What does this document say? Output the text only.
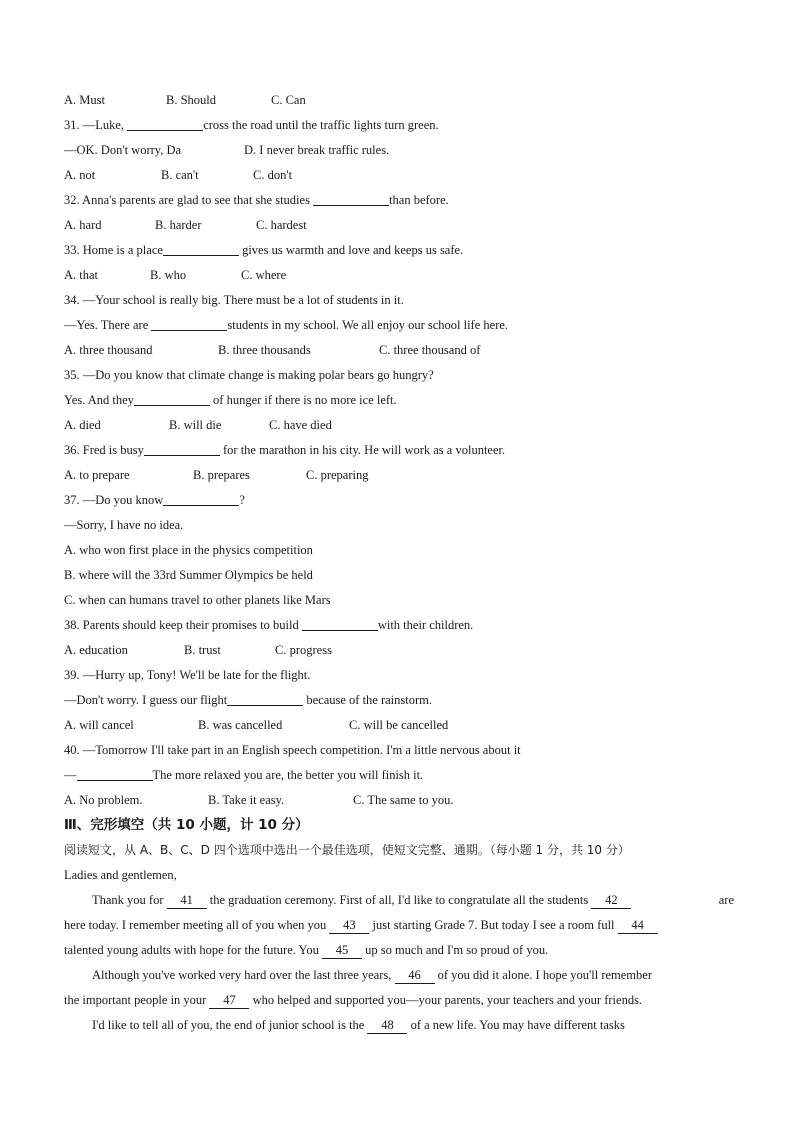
A. Must	B. Should	C. Can
31. —Luke,	cross the road until the traffic lights turn green.
—OK. Don't worry, Da	D. I never break traffic rules.
A. not	B. can't	C. don't
32. Anna's parents are glad to see that she studies	than before.
A. hard	B. harder	C. hardest
33. Home is a place	gives us warmth and love and keeps us safe.
A. that	B. who	C. where
34. —Your school is really big. There must be a lot of students in it.
—Yes. There are	students in my school. We all enjoy our school life here.
A. three thousand	B. three thousands	C. three thousand of
35. —Do you know that climate change is making polar bears go hungry?
Yes. And they	of hunger if there is no more ice left.
A. died	B. will die	C. have died
36. Fred is busy	for the marathon in his city. He will work as a volunteer.
A. to prepare	B. prepares	C. preparing
37. —Do you know	?
—Sorry, I have no idea.
A. who won first place in the physics competition
B. where will the 33rd Summer Olympics be held
C. when can humans travel to other planets like Mars
38. Parents should keep their promises to build	with their children.
A. education	B. trust	C. progress
39. —Hurry up, Tony! We'll be late for the flight.
—Don't worry. I guess our flight	because of the rainstorm.
A. will cancel	B. was cancelled	C. will be cancelled
40. —Tomorrow I'll take part in an English speech competition. I'm a little nervous about it
—	The more relaxed you are, the better you will finish it.
A. No problem.	B. Take it easy.	C. The same to you.
Ⅲ、完形填空（共 10 小题，计 10 分）
阅读短文，从 A、B、C、D 四个选项中选出一个最佳选项，使短文完整、通期。（每小题 1 分，共 10 分）
Ladies and gentlemen,
Thank you for 41 the graduation ceremony. First of all, I'd like to congratulate all the students 42	are
here today. I remember meeting all of you when you 43 just starting Grade 7. But today I see a room full 44
talented young adults with hope for the future. You 45 up so much and I'm so proud of you.
Although you've worked very hard over the last three years, 46 of you did it alone. I hope you'll remember
the important people in your 47 who helped and supported you—your parents, your teachers and your friends.
I'd like to tell all of you, the end of junior school is the 48 of a new life. You may have different tasks
